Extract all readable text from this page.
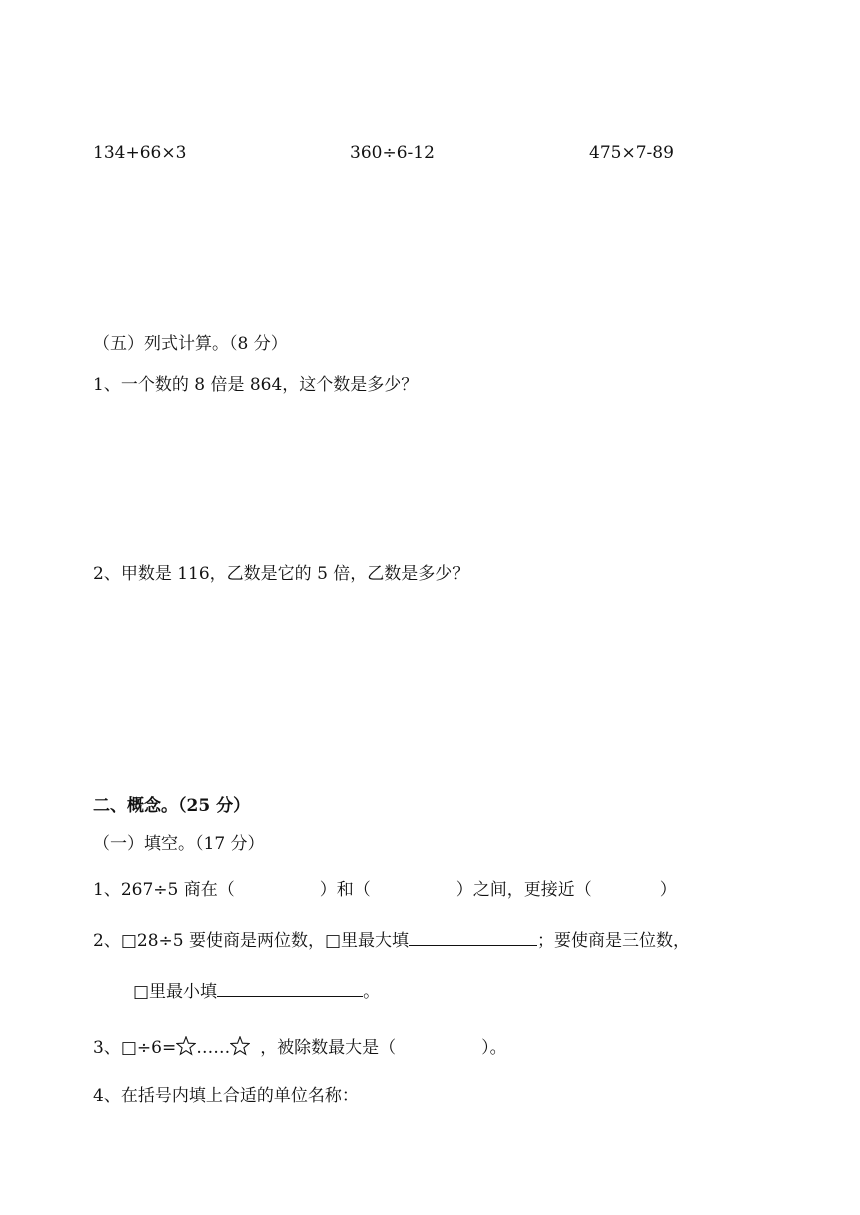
134+66×3	360÷6-12	475×7-89
（五）列式计算。（8 分）
1、一个数的 8 倍是 864，这个数是多少？
2、甲数是 116，乙数是它的 5 倍，乙数是多少？
二、概念。（25 分）
（一）填空。（17 分）
1、267÷5 商在（　　　　　）和（　　　　　）之间，更接近（　　　　）
2、□28÷5 要使商是两位数，□里最大填	；要使商是三位数，
□里最小填	。
3、□÷6= …… ，被除数最大是（　　　　　）。
4、在括号内填上合适的单位名称：
